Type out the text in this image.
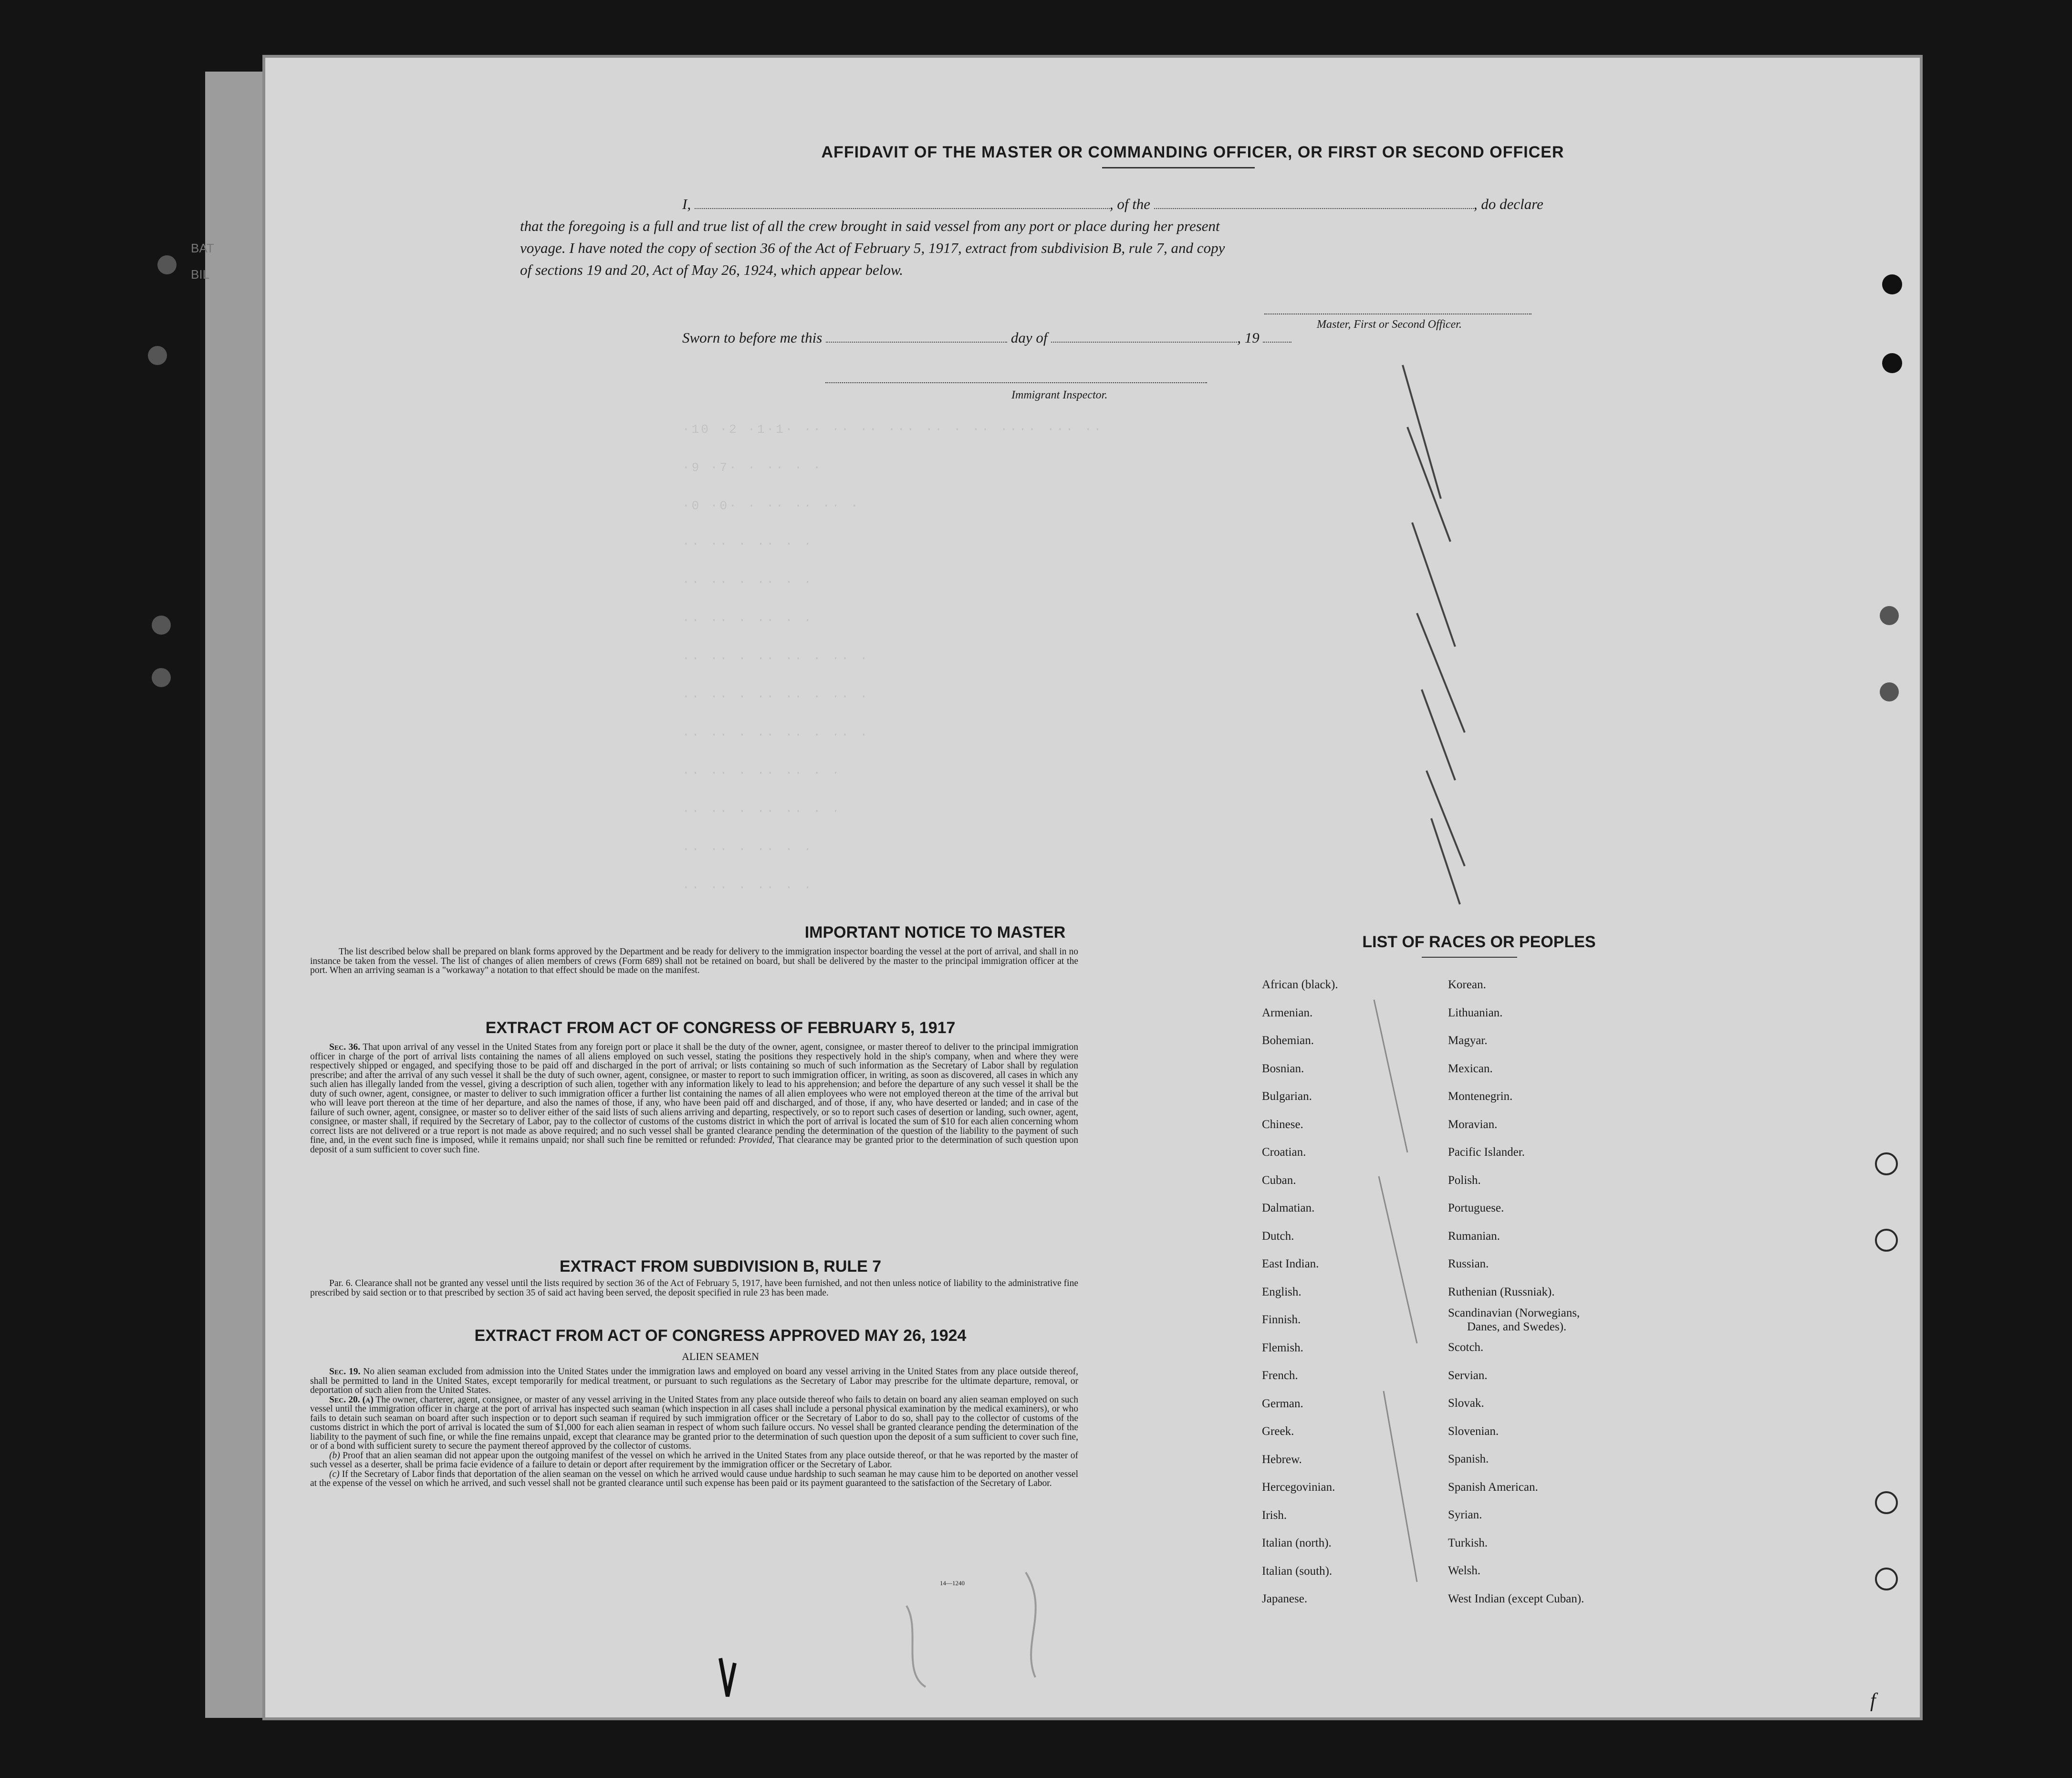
BAT
BIL
AFFIDAVIT OF THE MASTER OR COMMANDING OFFICER, OR FIRST OR SECOND OFFICER
I,	, of the	, do declare
that the foregoing is a full and true list of all the crew brought in said vessel from any port or place during her present
voyage. I have noted the copy of section 36 of the Act of February 5, 1917, extract from subdivision B, rule 7, and copy
of sections 19 and 20, Act of May 26, 1924, which appear below.
Master, First or Second Officer.
Sworn to before me this	day of	, 19
Immigrant Inspector.
·10 ·2 ·1·1· ·· ·· ·· ··· ·· · ·· ···· ··· ··
·9 ·7· · ·· · ·
·0 ·0· · ·· ·· ·· ·
·· ·· · ·· · ·
·· ·· · ·· · ·
·· ·· · ·· · ·
·· ·· · ·· ·· · ·· ·
·· ·· · ·· ·· · ·· ·
·· ·· · ·· ·· · ·· ·
·· ·· · ·· ·· · ·
·· ·· · ·· ·· · ·
·· ·· · ·· · ·
·· ·· · ·· · ·
IMPORTANT NOTICE TO MASTER
The list described below shall be prepared on blank forms approved by the Department and be ready for delivery to the immigration inspector boarding the vessel at the port of arrival, and shall in no instance be taken from the vessel. The list of changes of alien members of crews (Form 689) shall not be retained on board, but shall be delivered by the master to the principal immigration officer at the port. When an arriving seaman is a "workaway" a notation to that effect should be made on the manifest.
EXTRACT FROM ACT OF CONGRESS OF FEBRUARY 5, 1917
Sec. 36. That upon arrival of any vessel in the United States from any foreign port or place it shall be the duty of the owner, agent, consignee, or master thereof to deliver to the principal immigration officer in charge of the port of arrival lists containing the names of all aliens employed on such vessel, stating the positions they respectively hold in the ship's company, when and where they were respectively shipped or engaged, and specifying those to be paid off and discharged in the port of arrival; or lists containing so much of such information as the Secretary of Labor shall by regulation prescribe; and after the arrival of any such vessel it shall be the duty of such owner, agent, consignee, or master to report to such immigration officer, in writing, as soon as discovered, all cases in which any such alien has illegally landed from the vessel, giving a description of such alien, together with any information likely to lead to his apprehension; and before the departure of any such vessel it shall be the duty of such owner, agent, consignee, or master to deliver to such immigration officer a further list containing the names of all alien employees who were not employed thereon at the time of the arrival but who will leave port thereon at the time of her departure, and also the names of those, if any, who have been paid off and discharged, and of those, if any, who have deserted or landed; and in case of the failure of such owner, agent, consignee, or master so to deliver either of the said lists of such aliens arriving and departing, respectively, or so to report such cases of desertion or landing, such owner, agent, consignee, or master shall, if required by the Secretary of Labor, pay to the collector of customs of the customs district in which the port of arrival is located the sum of $10 for each alien concerning whom correct lists are not delivered or a true report is not made as above required; and no such vessel shall be granted clearance pending the determination of the question of the liability to the payment of such fine, and, in the event such fine is imposed, while it remains unpaid; nor shall such fine be remitted or refunded: Provided, That clearance may be granted prior to the determination of such question upon deposit of a sum sufficient to cover such fine.
EXTRACT FROM SUBDIVISION B, RULE 7
Par. 6. Clearance shall not be granted any vessel until the lists required by section 36 of the Act of February 5, 1917, have been furnished, and not then unless notice of liability to the administrative fine prescribed by said section or to that prescribed by section 35 of said act having been served, the deposit specified in rule 23 has been made.
EXTRACT FROM ACT OF CONGRESS APPROVED MAY 26, 1924
ALIEN SEAMEN
Sec. 19. No alien seaman excluded from admission into the United States under the immigration laws and employed on board any vessel arriving in the United States from any place outside thereof, shall be permitted to land in the United States, except temporarily for medical treatment, or pursuant to such regulations as the Secretary of Labor may prescribe for the ultimate departure, removal, or deportation of such alien from the United States.
Sec. 20. (a) The owner, charterer, agent, consignee, or master of any vessel arriving in the United States from any place outside thereof who fails to detain on board any alien seaman employed on such vessel until the immigration officer in charge at the port of arrival has inspected such seaman (which inspection in all cases shall include a personal physical examination by the medical examiners), or who fails to detain such seaman on board after such inspection or to deport such seaman if required by such immigration officer or the Secretary of Labor to do so, shall pay to the collector of customs of the customs district in which the port of arrival is located the sum of $1,000 for each alien seaman in respect of whom such failure occurs. No vessel shall be granted clearance pending the determination of the liability to the payment of such fine, or while the fine remains unpaid, except that clearance may be granted prior to the determination of such question upon the deposit of a sum sufficient to cover such fine, or of a bond with sufficient surety to secure the payment thereof approved by the collector of customs.
(b) Proof that an alien seaman did not appear upon the outgoing manifest of the vessel on which he arrived in the United States from any place outside thereof, or that he was reported by the master of such vessel as a deserter, shall be prima facie evidence of a failure to detain or deport after requirement by the immigration officer or the Secretary of Labor.
(c) If the Secretary of Labor finds that deportation of the alien seaman on the vessel on which he arrived would cause undue hardship to such seaman he may cause him to be deported on another vessel at the expense of the vessel on which he arrived, and such vessel shall not be granted clearance until such expense has been paid or its payment guaranteed to the satisfaction of the Secretary of Labor.
14—1240
LIST OF RACES OR PEOPLES
African (black).
Armenian.
Bohemian.
Bosnian.
Bulgarian.
Chinese.
Croatian.
Cuban.
Dalmatian.
Dutch.
East Indian.
English.
Finnish.
Flemish.
French.
German.
Greek.
Hebrew.
Hercegovinian.
Irish.
Italian (north).
Italian (south).
Japanese.
Korean.
Lithuanian.
Magyar.
Mexican.
Montenegrin.
Moravian.
Pacific Islander.
Polish.
Portuguese.
Rumanian.
Russian.
Ruthenian (Russniak).
Scandinavian (Norwegians,
Danes, and Swedes).
Scotch.
Servian.
Slovak.
Slovenian.
Spanish.
Spanish American.
Syrian.
Turkish.
Welsh.
West Indian (except Cuban).
f
